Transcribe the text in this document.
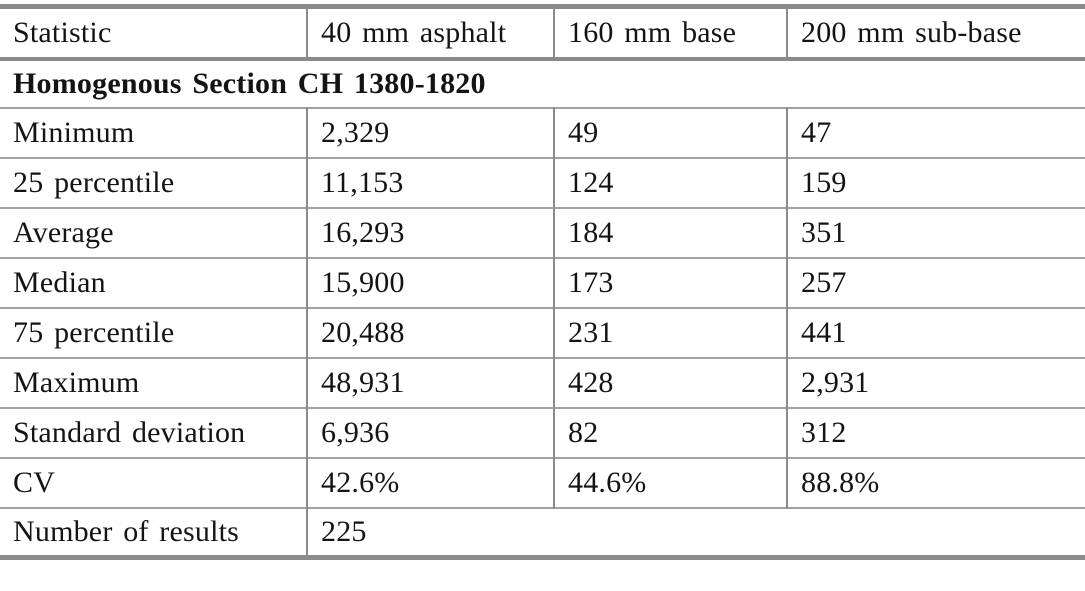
Statistic	40 mm asphalt	160 mm base	200 mm sub-base
Homogenous Section CH 1380-1820			
Minimum	2,329	49	47
25 percentile	11,153	124	159
Average	16,293	184	351
Median	15,900	173	257
75 percentile	20,488	231	441
Maximum	48,931	428	2,931
Standard deviation	6,936	82	312
CV	42.6%	44.6%	88.8%
Number of results	225		
